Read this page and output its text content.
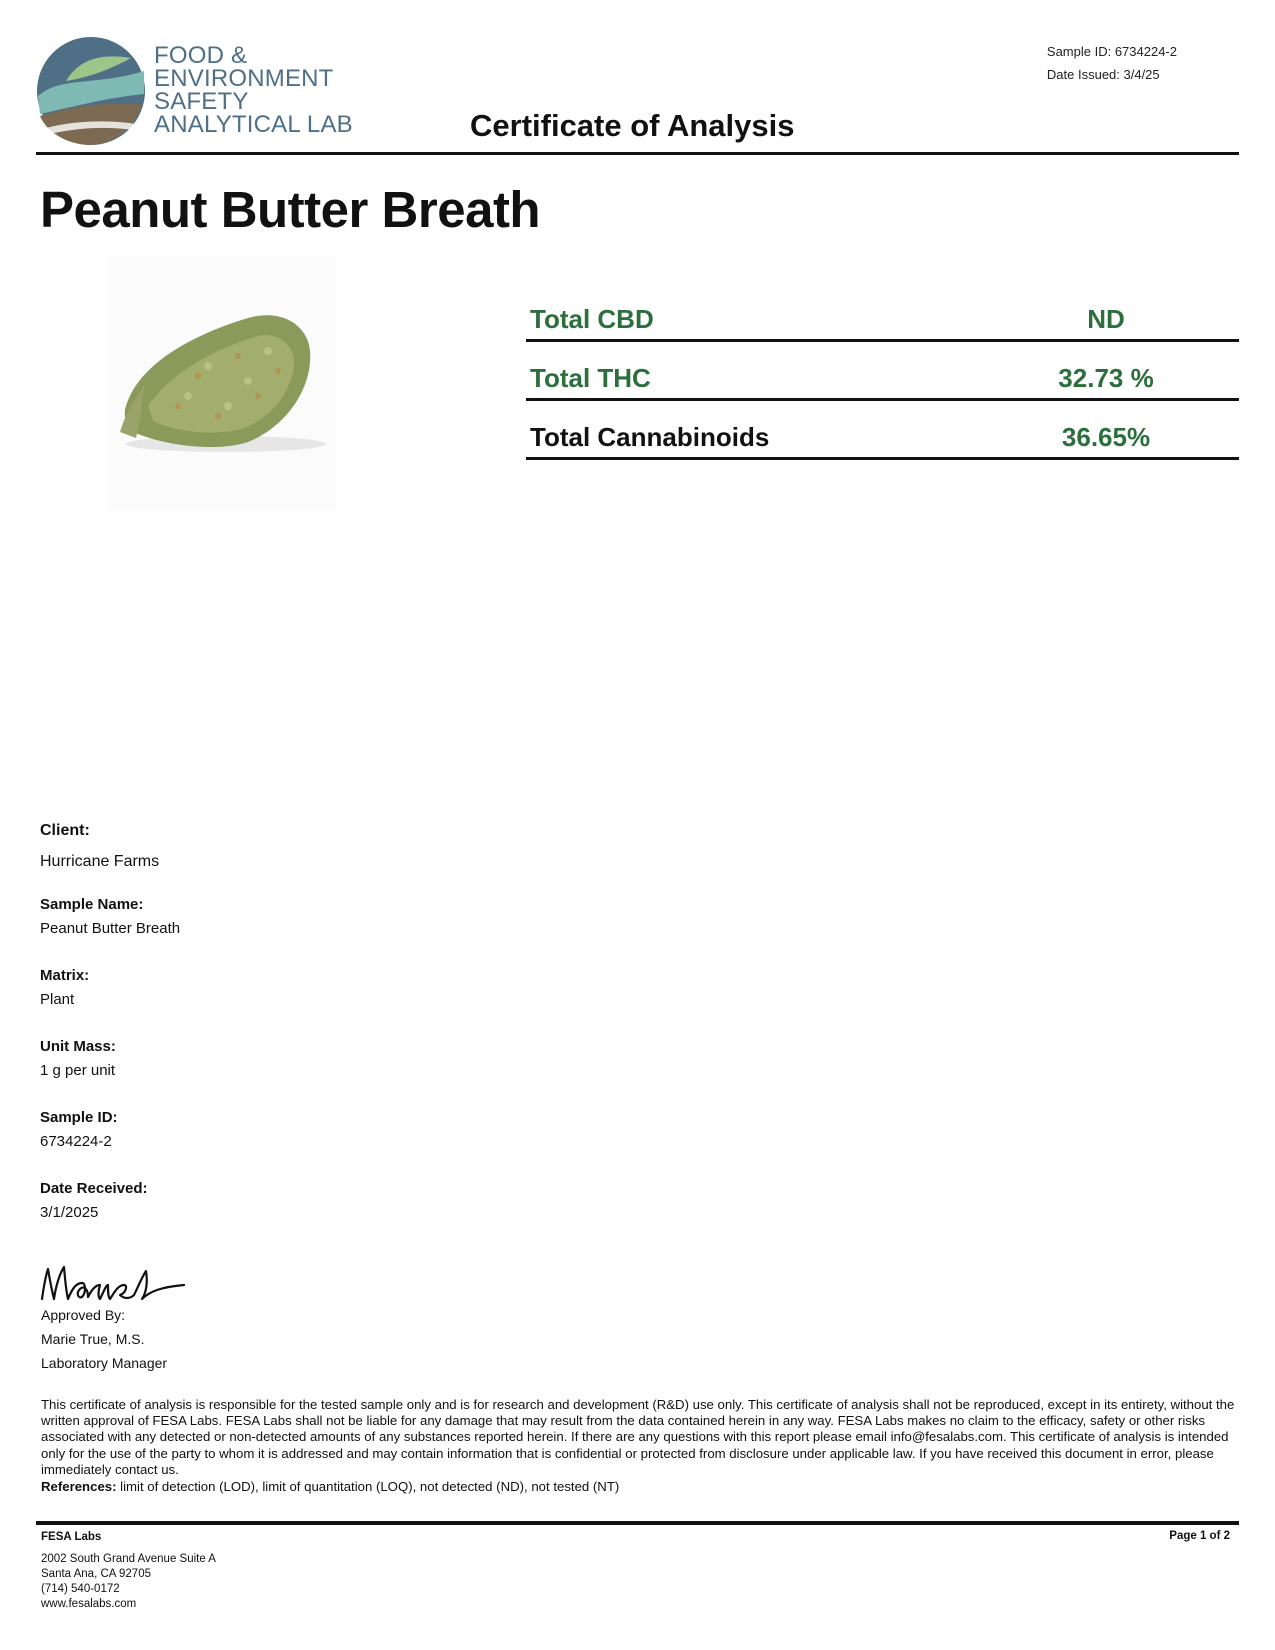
FOOD &
ENVIRONMENT
SAFETY
ANALYTICAL LAB
Sample ID: 6734224-2
Date Issued: 3/4/25
Certificate of Analysis
Peanut Butter Breath
Total CBD	ND
Total THC	32.73 %
Total Cannabinoids	36.65%
Client:
Hurricane Farms
Sample Name:
Peanut Butter Breath
Matrix:
Plant
Unit Mass:
1 g per unit
Sample ID:
6734224-2
Date Received:
3/1/2025
Approved By:
Marie True, M.S.
Laboratory Manager
This certificate of analysis is responsible for the tested sample only and is for research and development (R&D) use only. This certificate of analysis shall not be reproduced, except in its entirety, without the written approval of FESA Labs. FESA Labs shall not be liable for any damage that may result from the data contained herein in any way. FESA Labs makes no claim to the efficacy, safety or other risks associated with any detected or non-detected amounts of any substances reported herein. If there are any questions with this report please email info@fesalabs.com. This certificate of analysis is intended only for the use of the party to whom it is addressed and may contain information that is confidential or protected from disclosure under applicable law. If you have received this document in error, please immediately contact us.
References: limit of detection (LOD), limit of quantitation (LOQ), not detected (ND), not tested (NT)
FESA Labs
2002 South Grand Avenue Suite A
Santa Ana, CA 92705
(714) 540-0172
www.fesalabs.com
Page 1 of 2
